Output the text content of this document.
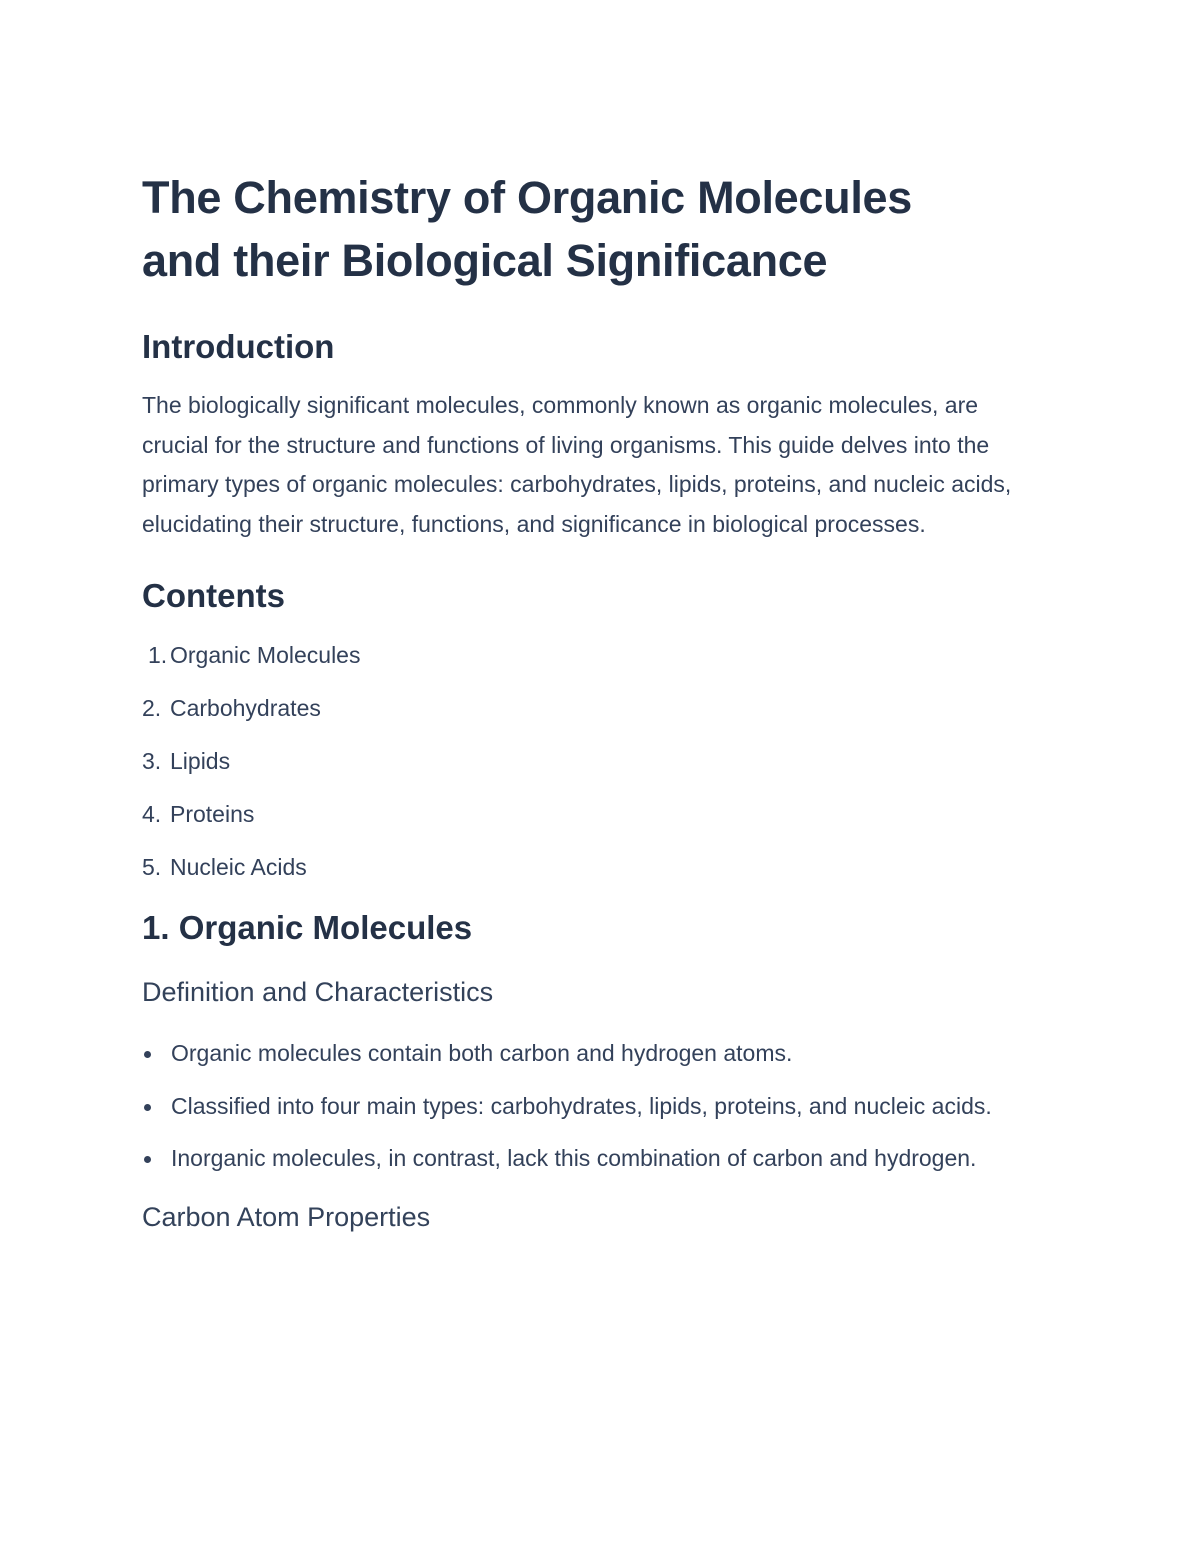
The Chemistry of Organic Molecules
and their Biological Significance
Introduction

The biologically significant molecules, commonly known as organic molecules, are crucial for the structure and functions of living organisms. This guide delves into the primary types of organic molecules: carbohydrates, lipids, proteins, and nucleic acids, elucidating their structure, functions, and significance in biological processes.

Contents
1. Organic Molecules
2. Carbohydrates
3. Lipids
4. Proteins
5. Nucleic Acids
1. Organic Molecules
Definition and Characteristics
Organic molecules contain both carbon and hydrogen atoms.
Classified into four main types: carbohydrates, lipids, proteins, and nucleic acids.
Inorganic molecules, in contrast, lack this combination of carbon and hydrogen.
Carbon Atom Properties
